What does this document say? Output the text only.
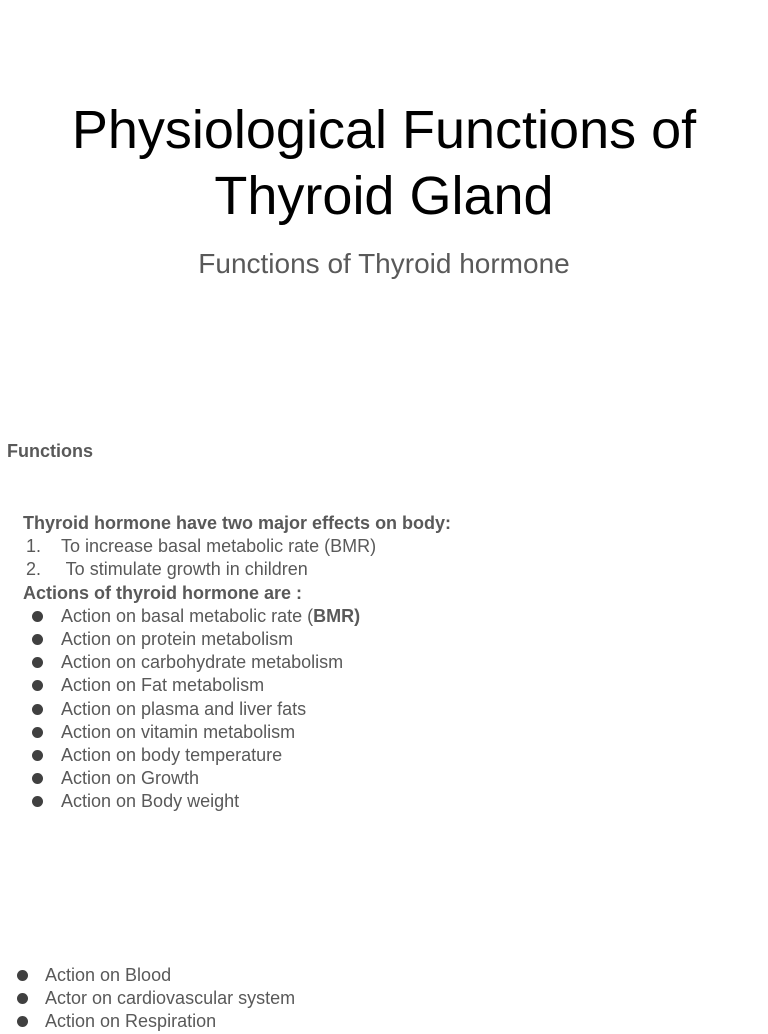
Physiological Functions of Thyroid Gland
Functions of Thyroid hormone
Functions
Thyroid hormone have two major effects on body:
1. To increase basal metabolic rate (BMR)
2. To stimulate growth in children
Actions of thyroid hormone are :
Action on basal metabolic rate (BMR)
Action on protein metabolism
Action on carbohydrate metabolism
Action on Fat metabolism
Action on plasma and liver fats
Action on vitamin metabolism
Action on body temperature
Action on Growth
Action on Body weight
Action on Blood
Actor on cardiovascular system
Action on Respiration
